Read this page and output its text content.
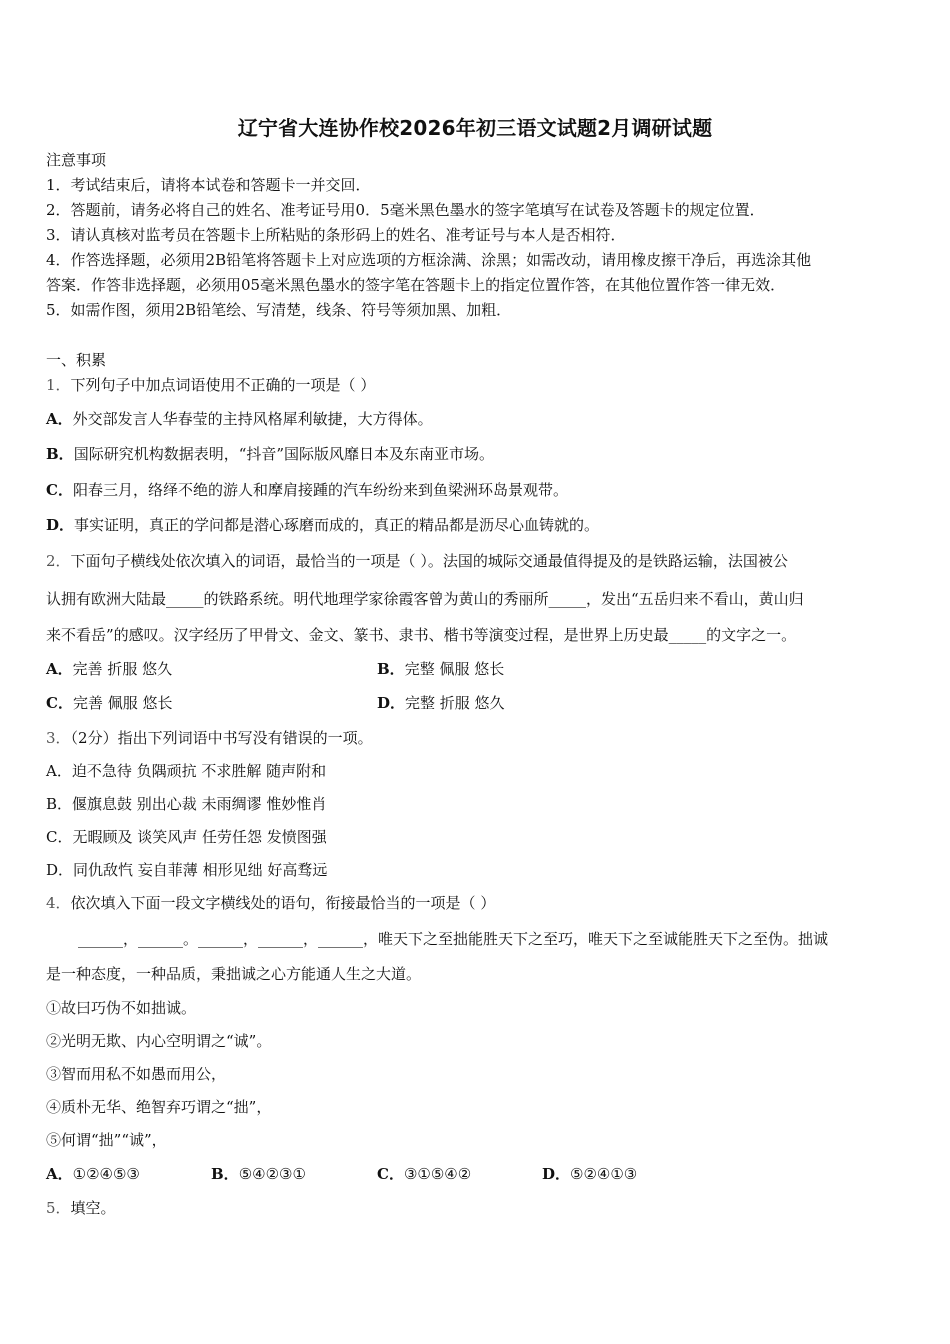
辽宁省大连协作校2026年初三语文试题2月调研试题
注意事项
1．考试结束后，请将本试卷和答题卡一并交回．
2．答题前，请务必将自己的姓名、准考证号用0．5毫米黑色墨水的签字笔填写在试卷及答题卡的规定位置．
3．请认真核对监考员在答题卡上所粘贴的条形码上的姓名、准考证号与本人是否相符．
4．作答选择题，必须用2B铅笔将答题卡上对应选项的方框涂满、涂黑；如需改动，请用橡皮擦干净后，再选涂其他
答案．作答非选择题，必须用05毫米黑色墨水的签字笔在答题卡上的指定位置作答，在其他位置作答一律无效．
5．如需作图，须用2B铅笔绘、写清楚，线条、符号等须加黑、加粗．
一、积累
1．下列句子中加点词语使用不正确的一项是（ ）
A．外交部发言人华春莹的主持风格犀利敏捷，大方得体。
B．国际研究机构数据表明，“抖音”国际版风靡日本及东南亚市场。
C．阳春三月，络绎不绝的游人和摩肩接踵的汽车纷纷来到鱼梁洲环岛景观带。
D．事实证明，真正的学问都是潜心琢磨而成的，真正的精品都是沥尽心血铸就的。
2．下面句子横线处依次填入的词语，最恰当的一项是（ ）。法国的城际交通最值得提及的是铁路运输，法国被公
认拥有欧洲大陆最_____的铁路系统。明代地理学家徐霞客曾为黄山的秀丽所_____，发出“五岳归来不看山，黄山归
来不看岳”的感叹。汉字经历了甲骨文、金文、篆书、隶书、楷书等演变过程，是世界上历史最_____的文字之一。
A．完善 折服 悠久	B．完整 佩服 悠长
C．完善 佩服 悠长	D．完整 折服 悠久
3．（2分）指出下列词语中书写没有错误的一项。
A．迫不急待 负隅顽抗 不求胜解 随声附和
B．偃旗息鼓 别出心裁 未雨绸谬 惟妙惟肖
C．无暇顾及 谈笑风声 任劳任怨 发愤图强
D．同仇敌忾 妄自菲薄 相形见绌 好高骛远
4．依次填入下面一段文字横线处的语句，衔接最恰当的一项是（ ）
______，______。______，______，______，唯天下之至拙能胜天下之至巧，唯天下之至诚能胜天下之至伪。拙诚
是一种态度，一种品质，秉拙诚之心方能通人生之大道。
①故曰巧伪不如拙诚。
②光明无欺、内心空明谓之“诚”。
③智而用私不如愚而用公，
④质朴无华、绝智弃巧谓之“拙”，
⑤何谓“拙”“诚”，
A．①②④⑤③	B．⑤④②③①	C．③①⑤④②	D．⑤②④①③
5．填空。
